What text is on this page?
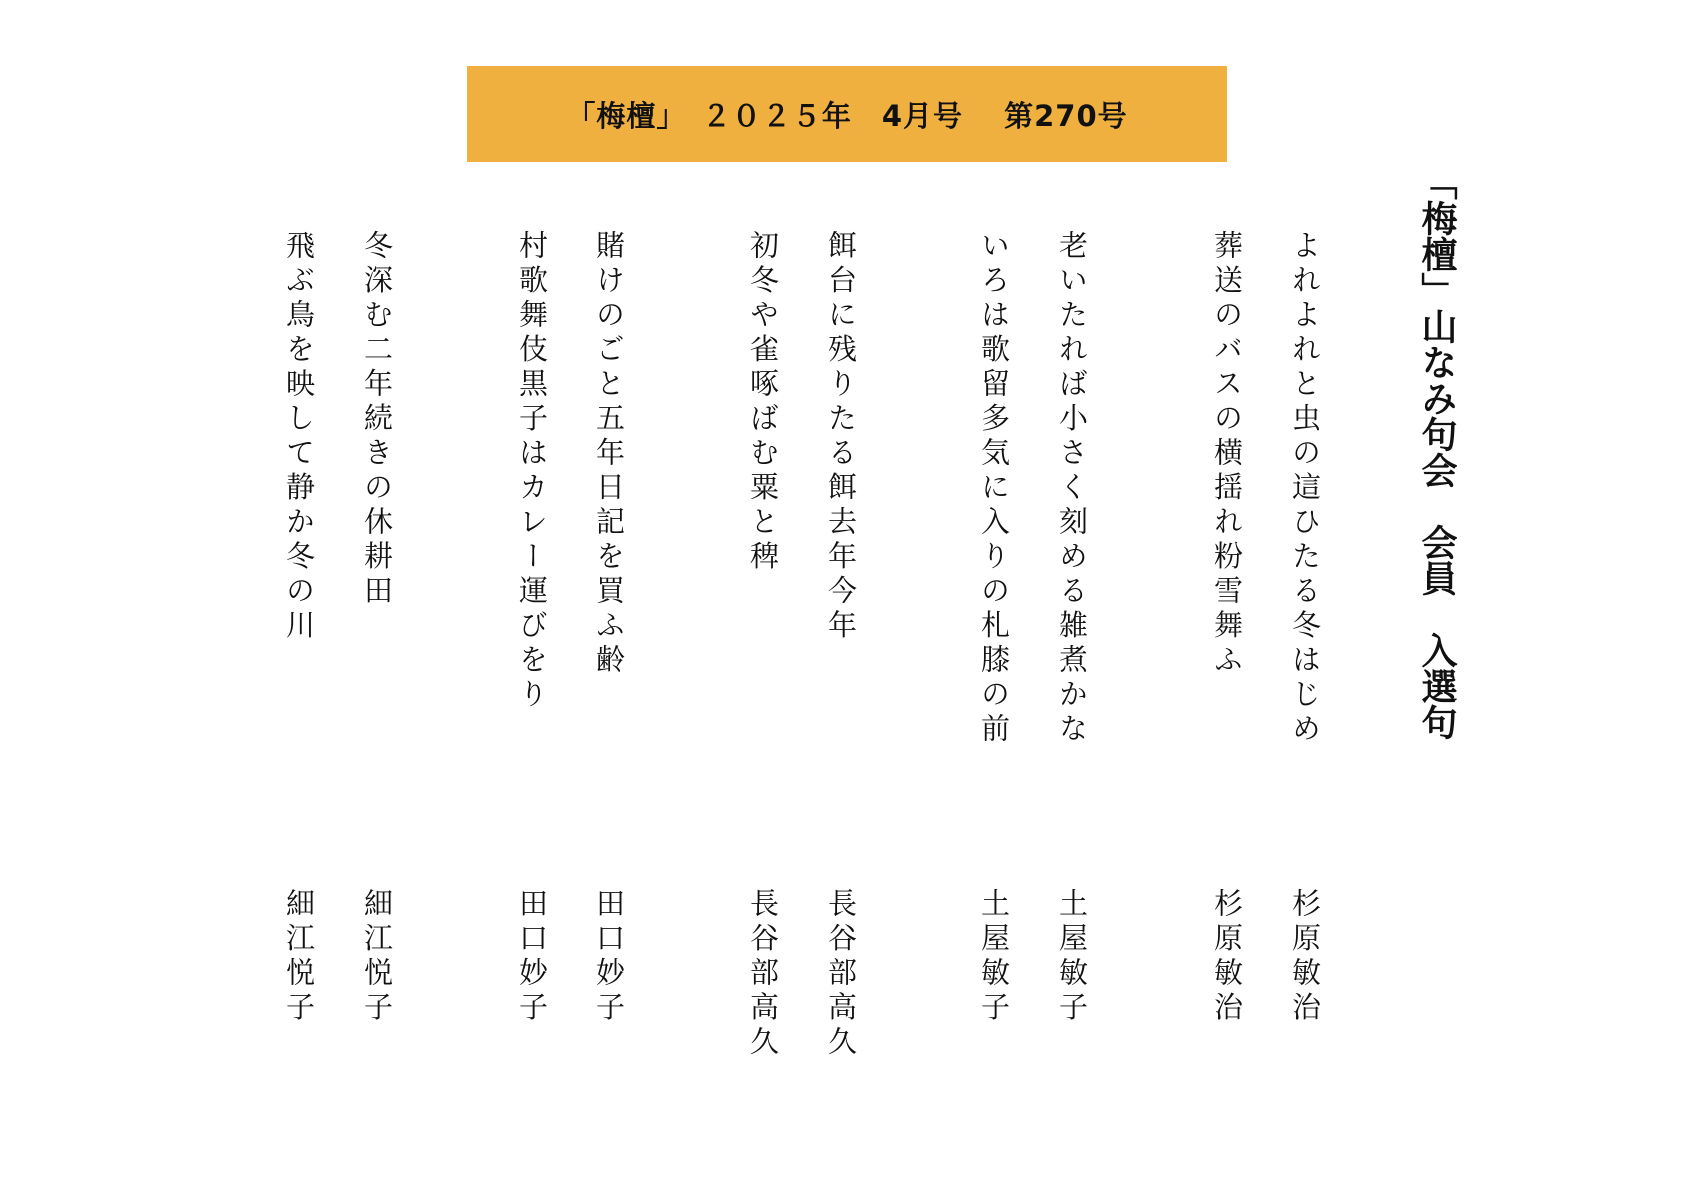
「梅檀」　２０２５年　4月号　 第270号
「梅檀」山なみ句会　会員　入選句
よれよれと虫の這ひたる冬はじめ
杉原敏治
葬送のバスの横揺れ粉雪舞ふ
杉原敏治
老いたれば小さく刻める雑煮かな
土屋敏子
いろは歌留多気に入りの札膝の前
土屋敏子
餌台に残りたる餌去年今年
長谷部高久
初冬や雀啄ばむ粟と稗
長谷部高久
賭けのごと五年日記を買ふ齢
田口妙子
村歌舞伎黒子はカレー運びをり
田口妙子
冬深む二年続きの休耕田
細江悦子
飛ぶ鳥を映して静か冬の川
細江悦子
